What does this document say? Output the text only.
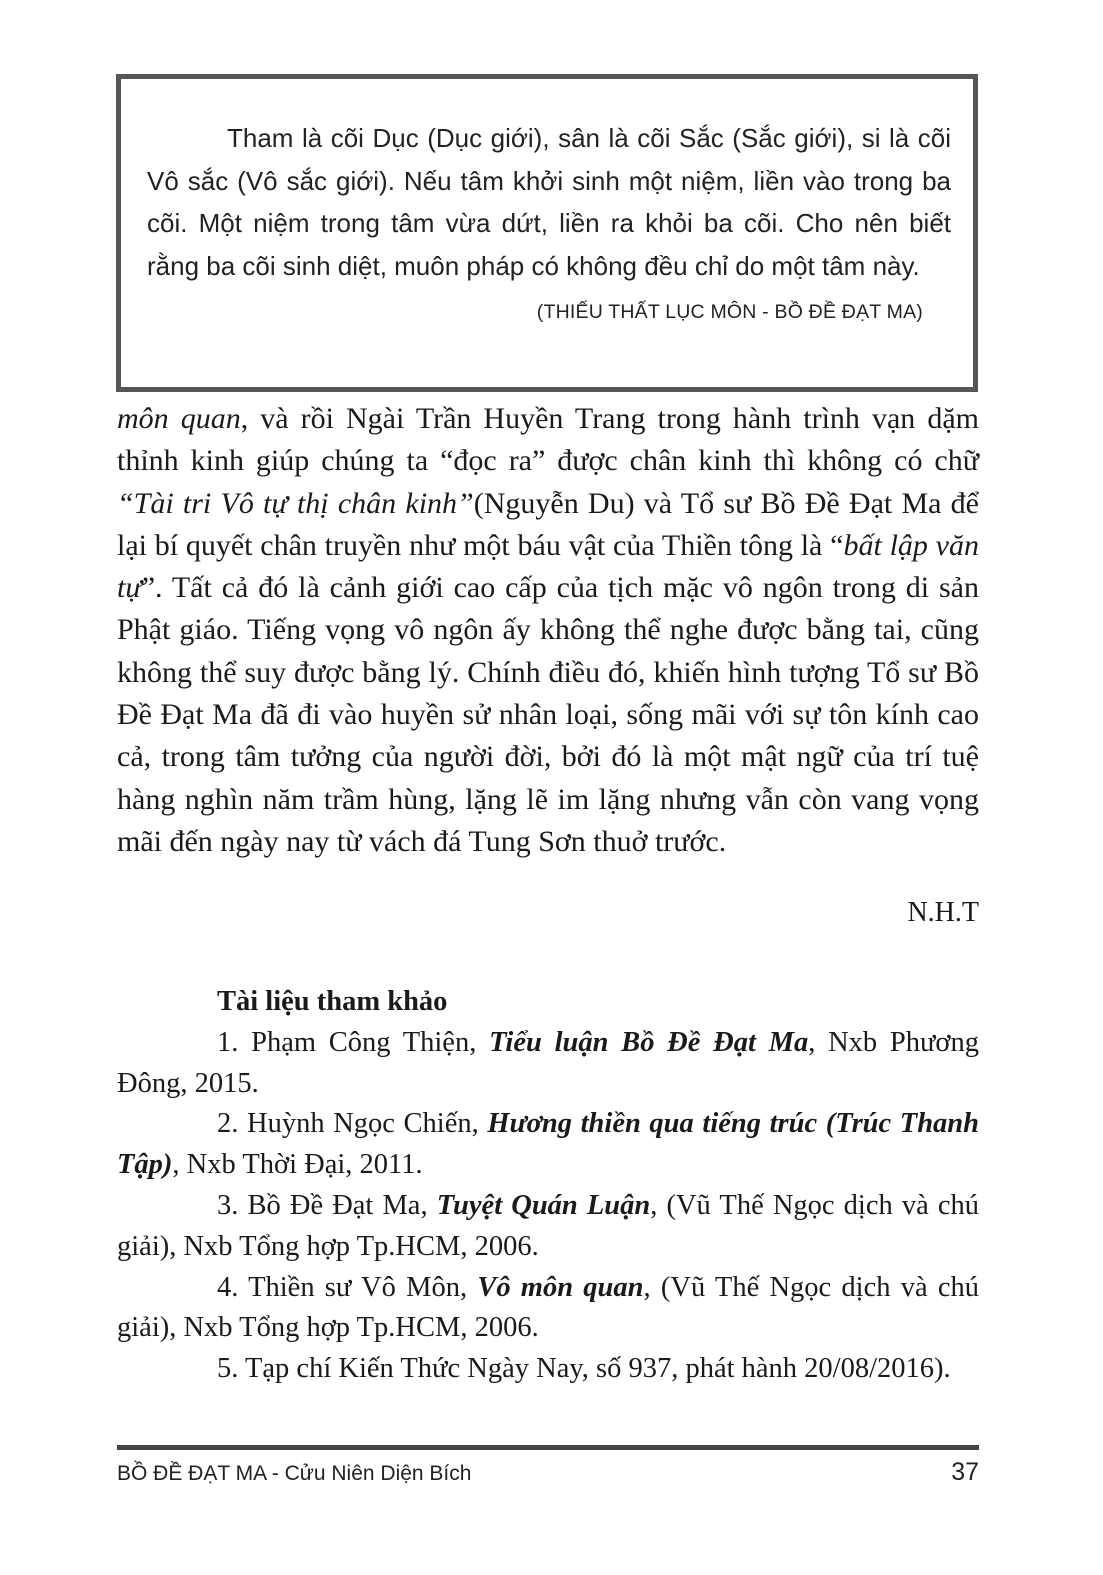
Tham là cõi Dục (Dục giới), sân là cõi Sắc (Sắc giới), si là cõi Vô sắc (Vô sắc giới). Nếu tâm khởi sinh một niệm, liền vào trong ba cõi. Một niệm trong tâm vừa dứt, liền ra khỏi ba cõi. Cho nên biết rằng ba cõi sinh diệt, muôn pháp có không đều chỉ do một tâm này.

(THIẾU THẤT LỤC MÔN - BỒ ĐỀ ĐẠT MA)

môn quan, và rồi Ngài Trần Huyền Trang trong hành trình vạn dặm thỉnh kinh giúp chúng ta “đọc ra” được chân kinh thì không có chữ “Tài tri Vô tự thị chân kinh”(Nguyễn Du) và Tổ sư Bồ Đề Đạt Ma để lại bí quyết chân truyền như một báu vật của Thiền tông là “bất lập văn tự”. Tất cả đó là cảnh giới cao cấp của tịch mặc vô ngôn trong di sản Phật giáo. Tiếng vọng vô ngôn ấy không thể nghe được bằng tai, cũng không thể suy được bằng lý. Chính điều đó, khiến hình tượng Tổ sư Bồ Đề Đạt Ma đã đi vào huyền sử nhân loại, sống mãi với sự tôn kính cao cả, trong tâm tưởng của người đời, bởi đó là một mật ngữ của trí tuệ hàng nghìn năm trầm hùng, lặng lẽ im lặng nhưng vẫn còn vang vọng mãi đến ngày nay từ vách đá Tung Sơn thuở trước.

N.H.T
Tài liệu tham khảo

1. Phạm Công Thiện, Tiểu luận Bồ Đề Đạt Ma, Nxb Phương Đông, 2015.

2. Huỳnh Ngọc Chiến, Hương thiền qua tiếng trúc (Trúc Thanh Tập), Nxb Thời Đại, 2011.

3. Bồ Đề Đạt Ma, Tuyệt Quán Luận, (Vũ Thế Ngọc dịch và chú giải), Nxb Tổng hợp Tp.HCM, 2006.

4. Thiền sư Vô Môn, Vô môn quan, (Vũ Thế Ngọc dịch và chú giải), Nxb Tổng hợp Tp.HCM, 2006.

5. Tạp chí Kiến Thức Ngày Nay, số 937, phát hành 20/08/2016).

BỒ ĐỀ ĐẠT MA - Cửu Niên Diện Bích	37
